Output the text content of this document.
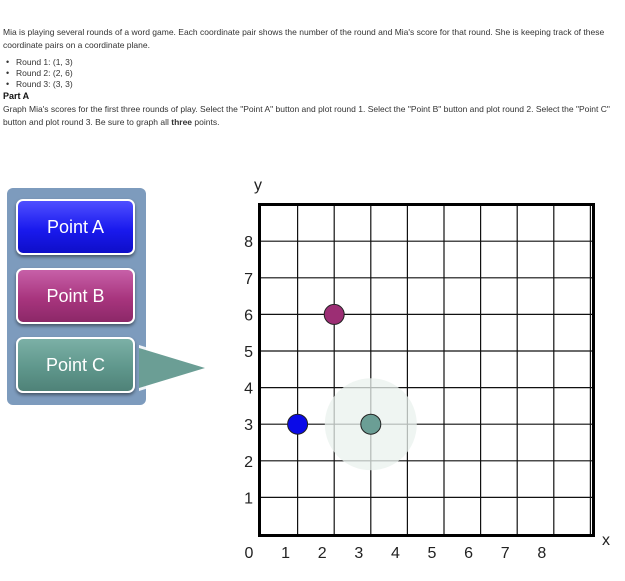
Mia is playing several rounds of a word game. Each coordinate pair shows the number of the round and Mia's score for that round. She is keeping track of these coordinate pairs on a coordinate plane.

• Round 1: (1, 3)
• Round 2: (2, 6)
• Round 3: (3, 3)

Part A

Graph Mia's scores for the first three rounds of play. Select the "Point A" button and plot round 1. Select the "Point B" button and plot round 2. Select the "Point C" button and plot round 3. Be sure to graph all three points.

Point A
Point B
Point C
y
x
0 1 2 3 4 5 6 7 8
1
2
3
4
5
6
7
8
